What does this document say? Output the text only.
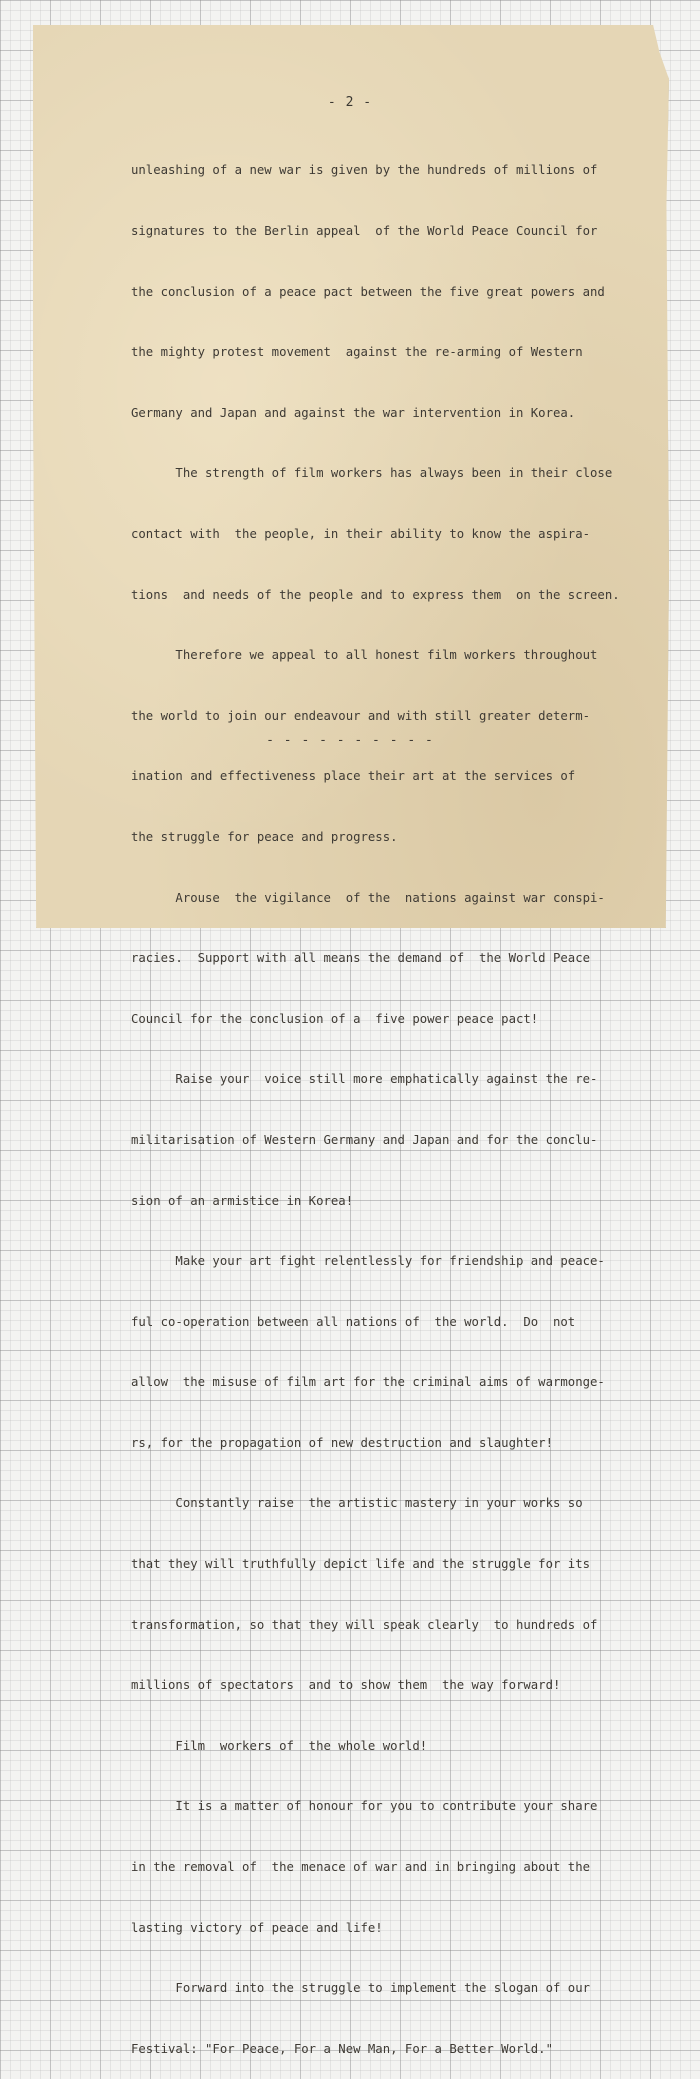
- 2 -

unleashing of a new war is given by the hundreds of millions of

signatures to the Berlin appeal  of the World Peace Council for

the conclusion of a peace pact between the five great powers and

the mighty protest movement  against the re-arming of Western

Germany and Japan and against the war intervention in Korea.

The strength of film workers has always been in their close

contact with  the people, in their ability to know the aspira-

tions  and needs of the people and to express them  on the screen.

Therefore we appeal to all honest film workers throughout

the world to join our endeavour and with still greater determ-

ination and effectiveness place their art at the services of

the struggle for peace and progress.

Arouse  the vigilance  of the  nations against war conspi-

racies.  Support with all means the demand of  the World Peace

Council for the conclusion of a  five power peace pact!

Raise your  voice still more emphatically against the re-

militarisation of Western Germany and Japan and for the conclu-

sion of an armistice in Korea!

Make your art fight relentlessly for friendship and peace-

ful co-operation between all nations of  the world.  Do  not

allow  the misuse of film art for the criminal aims of warmonge-

rs, for the propagation of new destruction and slaughter!

Constantly raise  the artistic mastery in your works so

that they will truthfully depict life and the struggle for its

transformation, so that they will speak clearly  to hundreds of

millions of spectators  and to show them  the way forward!

Film  workers of  the whole world!

It is a matter of honour for you to contribute your share

in the removal of  the menace of war and in bringing about the

lasting victory of peace and life!

Forward into the struggle to implement the slogan of our

Festival: "For Peace, For a New Man, For a Better World."

- - - - - - - - - -
